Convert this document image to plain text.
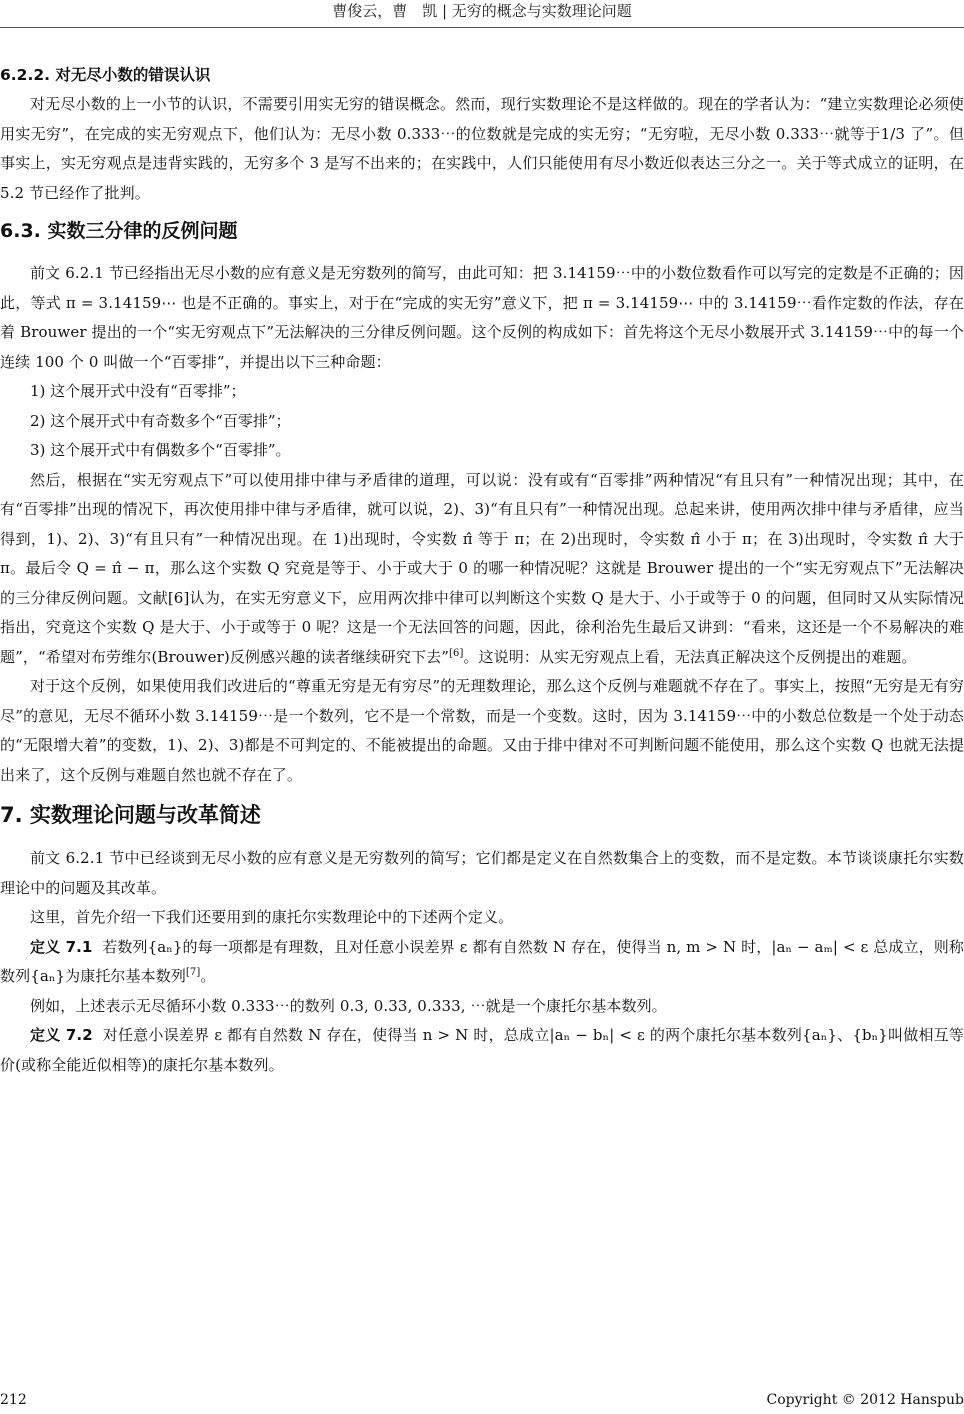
曹俊云，曹　凯 | 无穷的概念与实数理论问题
6.2.2. 对无尽小数的错误认识

对无尽小数的上一小节的认识，不需要引用实无穷的错误概念。然而，现行实数理论不是这样做的。现在的学者认为：“建立实数理论必须使用实无穷”，在完成的实无穷观点下，他们认为：无尽小数 0.333⋯的位数就是完成的实无穷；“无穷啦，无尽小数 0.333⋯就等于1/3 了”。但事实上，实无穷观点是违背实践的，无穷多个 3 是写不出来的；在实践中，人们只能使用有尽小数近似表达三分之一。关于等式成立的证明，在 5.2 节已经作了批判。

6.3. 实数三分律的反例问题

前文 6.2.1 节已经指出无尽小数的应有意义是无穷数列的简写，由此可知：把 3.14159⋯中的小数位数看作可以写完的定数是不正确的；因此，等式 π = 3.14159⋯ 也是不正确的。事实上，对于在“完成的实无穷”意义下，把 π = 3.14159⋯ 中的 3.14159⋯看作定数的作法，存在着 Brouwer 提出的一个“实无穷观点下”无法解决的三分律反例问题。这个反例的构成如下：首先将这个无尽小数展开式 3.14159⋯中的每一个连续 100 个 0 叫做一个“百零排”，并提出以下三种命题：

1) 这个展开式中没有“百零排”；

2) 这个展开式中有奇数多个“百零排”；

3) 这个展开式中有偶数多个“百零排”。

然后，根据在“实无穷观点下”可以使用排中律与矛盾律的道理，可以说：没有或有“百零排”两种情况“有且只有”一种情况出现；其中，在有“百零排”出现的情况下，再次使用排中律与矛盾律，就可以说，2)、3)“有且只有”一种情况出现。总起来讲，使用两次排中律与矛盾律，应当得到，1)、2)、3)“有且只有”一种情况出现。在 1)出现时，令实数 π̂ 等于 π；在 2)出现时，令实数 π̂ 小于 π；在 3)出现时，令实数 π̂ 大于 π。最后令 Q = π̂ − π，那么这个实数 Q 究竟是等于、小于或大于 0 的哪一种情况呢？这就是 Brouwer 提出的一个“实无穷观点下”无法解决的三分律反例问题。文献[6]认为，在实无穷意义下，应用两次排中律可以判断这个实数 Q 是大于、小于或等于 0 的问题，但同时又从实际情况指出，究竟这个实数 Q 是大于、小于或等于 0 呢？这是一个无法回答的问题，因此，徐利治先生最后又讲到：“看来，这还是一个不易解决的难题”，“希望对布劳维尔(Brouwer)反例感兴趣的读者继续研究下去”[6]。这说明：从实无穷观点上看，无法真正解决这个反例提出的难题。

对于这个反例，如果使用我们改进后的“尊重无穷是无有穷尽”的无理数理论，那么这个反例与难题就不存在了。事实上，按照“无穷是无有穷尽”的意见，无尽不循环小数 3.14159⋯是一个数列，它不是一个常数，而是一个变数。这时，因为 3.14159⋯中的小数总位数是一个处于动态的“无限增大着”的变数，1)、2)、3)都是不可判定的、不能被提出的命题。又由于排中律对不可判断问题不能使用，那么这个实数 Q 也就无法提出来了，这个反例与难题自然也就不存在了。

7. 实数理论问题与改革简述

前文 6.2.1 节中已经谈到无尽小数的应有意义是无穷数列的简写；它们都是定义在自然数集合上的变数，而不是定数。本节谈谈康托尔实数理论中的问题及其改革。

这里，首先介绍一下我们还要用到的康托尔实数理论中的下述两个定义。

定义 7.1 若数列{aₙ}的每一项都是有理数，且对任意小误差界 ε 都有自然数 N 存在，使得当 n, m > N 时，|aₙ − aₘ| < ε 总成立，则称数列{aₙ}为康托尔基本数列[7]。

例如，上述表示无尽循环小数 0.333⋯的数列 0.3, 0.33, 0.333, ⋯就是一个康托尔基本数列。

定义 7.2 对任意小误差界 ε 都有自然数 N 存在，使得当 n > N 时，总成立|aₙ − bₙ| < ε 的两个康托尔基本数列{aₙ}、{bₙ}叫做相互等价(或称全能近似相等)的康托尔基本数列。

212	Copyright © 2012 Hanspub
